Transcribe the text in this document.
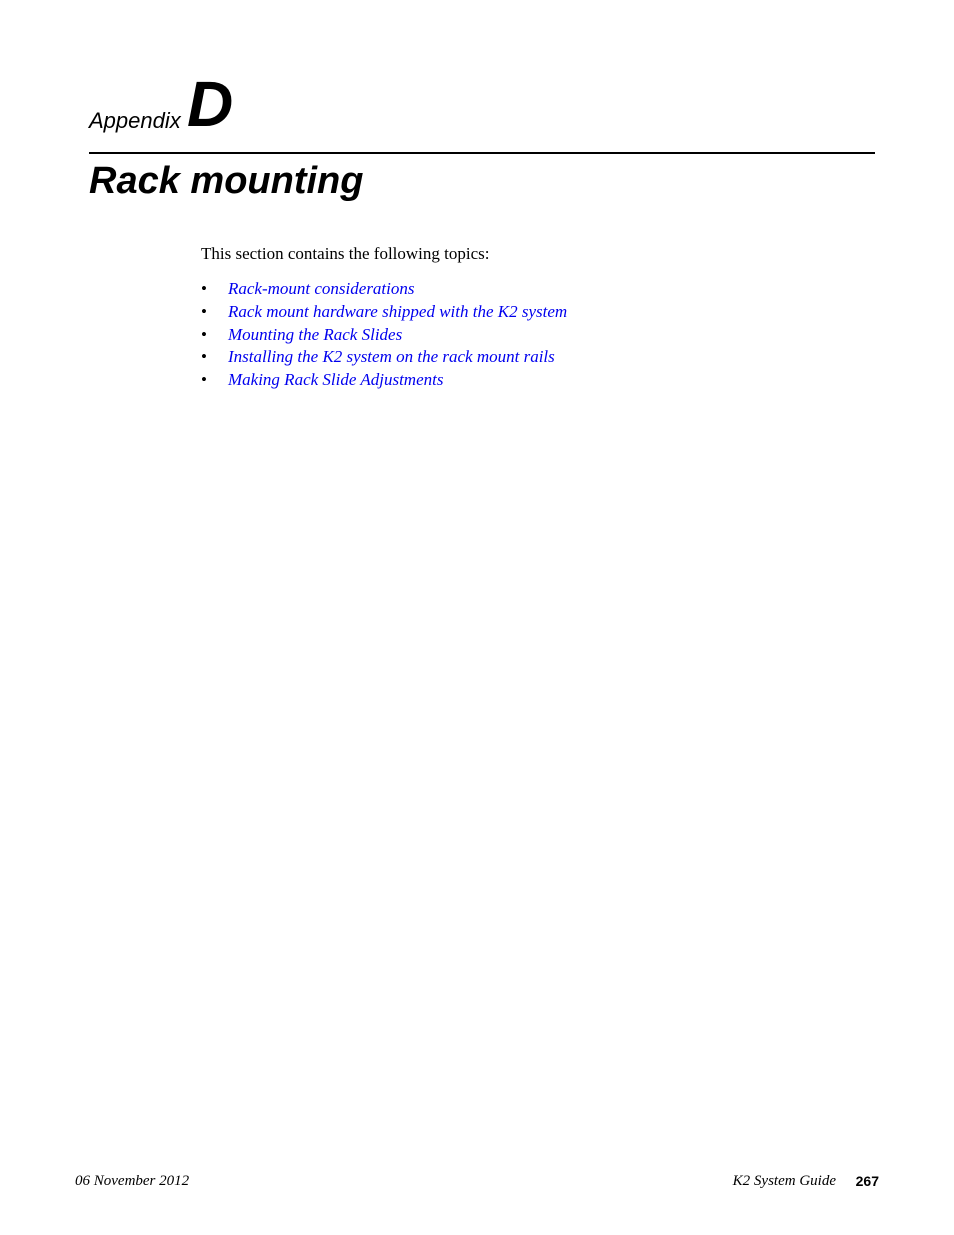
Appendix D
Rack mounting

This section contains the following topics:

• Rack-mount considerations
• Rack mount hardware shipped with the K2 system
• Mounting the Rack Slides
• Installing the K2 system on the rack mount rails
• Making Rack Slide Adjustments
06 November 2012	K2 System Guide 267
